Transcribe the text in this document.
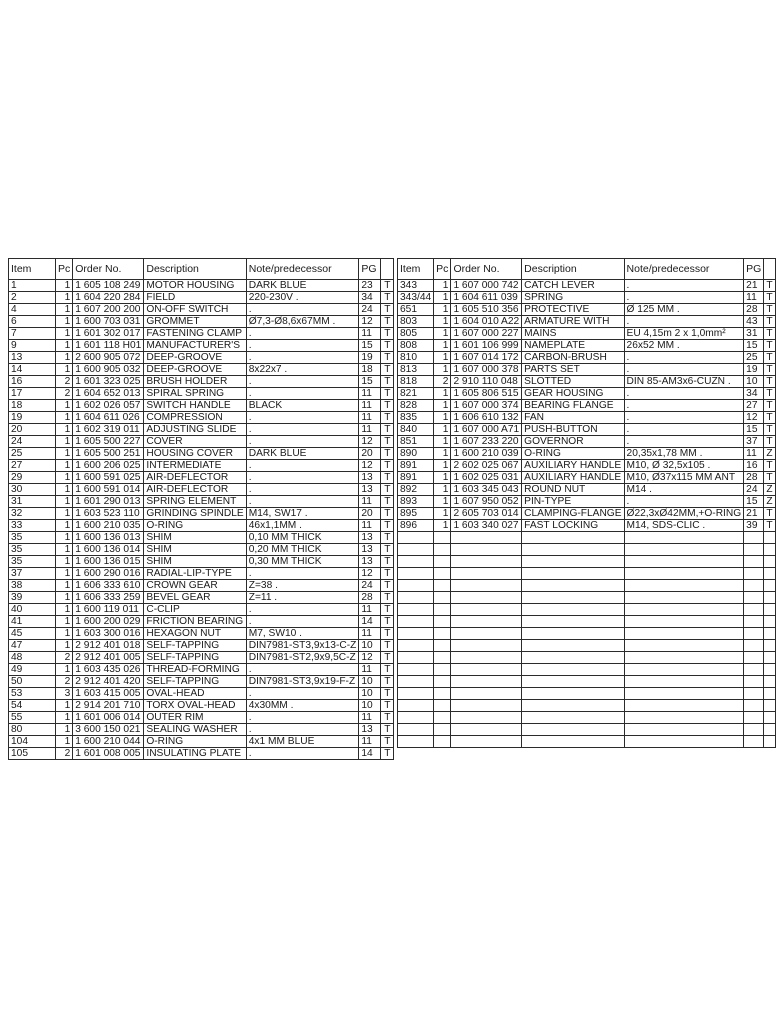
Item	Pc	Order No.	Description	Note/predecessor	PG	
1	1	1 605 108 249	MOTOR HOUSING	DARK BLUE	23	T
2	1	1 604 220 284	FIELD	220-230V .	34	T
4	1	1 607 200 200	ON-OFF SWITCH	.	24	T
6	1	1 600 703 031	GROMMET	Ø7,3-Ø8,6x67MM .	12	T
7	1	1 601 302 017	FASTENING CLAMP	.	11	T
9	1	1 601 118 H01	MANUFACTURER'S	.	15	T
13	1	2 600 905 072	DEEP-GROOVE	.	19	T
14	1	1 600 905 032	DEEP-GROOVE	8x22x7 .	18	T
16	2	1 601 323 025	BRUSH HOLDER	.	15	T
17	2	1 604 652 013	SPIRAL SPRING	.	11	T
18	1	1 602 026 057	SWITCH HANDLE	BLACK	11	T
19	1	1 604 611 026	COMPRESSION	.	11	T
20	1	1 602 319 011	ADJUSTING SLIDE	.	11	T
24	1	1 605 500 227	COVER	.	12	T
25	1	1 605 500 251	HOUSING COVER	DARK BLUE	20	T
27	1	1 600 206 025	INTERMEDIATE	.	12	T
29	1	1 600 591 025	AIR-DEFLECTOR	.	13	T
30	1	1 600 591 014	AIR-DEFLECTOR	.	13	T
31	1	1 601 290 013	SPRING ELEMENT	.	11	T
32	1	1 603 523 110	GRINDING SPINDLE	M14, SW17 .	20	T
33	1	1 600 210 035	O-RING	46x1,1MM .	11	T
35	1	1 600 136 013	SHIM	0,10 MM THICK	13	T
35	1	1 600 136 014	SHIM	0,20 MM THICK	13	T
35	1	1 600 136 015	SHIM	0,30 MM THICK	13	T
37	1	1 600 290 016	RADIAL-LIP-TYPE	.	12	T
38	1	1 606 333 610	CROWN GEAR	Z=38 .	24	T
39	1	1 606 333 259	BEVEL GEAR	Z=11 .	28	T
40	1	1 600 119 011	C-CLIP	.	11	T
41	1	1 600 200 029	FRICTION BEARING	.	14	T
45	1	1 603 300 016	HEXAGON NUT	M7, SW10 .	11	T
47	1	2 912 401 018	SELF-TAPPING	DIN7981-ST3,9x13-C-Z	10	T
48	2	2 912 401 005	SELF-TAPPING	DIN7981-ST2,9x9,5C-Z	12	T
49	1	1 603 435 026	THREAD-FORMING	.	11	T
50	2	2 912 401 420	SELF-TAPPING	DIN7981-ST3,9x19-F-Z	10	T
53	3	1 603 415 005	OVAL-HEAD	.	10	T
54	1	2 914 201 710	TORX OVAL-HEAD	4x30MM .	10	T
55	1	1 601 006 014	OUTER RIM	.	11	T
80	1	3 600 150 021	SEALING WASHER	.	13	T
104	1	1 600 210 044	O-RING	4x1 MM BLUE	11	T
105	2	1 601 008 005	INSULATING PLATE	.	14	T
Item	Pc	Order No.	Description	Note/predecessor	PG	
343	1	1 607 000 742	CATCH LEVER	.	21	T
343/44	1	1 604 611 039	SPRING	.	11	T
651	1	1 605 510 356	PROTECTIVE	Ø 125 MM .	28	T
803	1	1 604 010 A22	ARMATURE WITH	.	43	T
805	1	1 607 000 227	MAINS	EU 4,15m 2 x 1,0mm²	31	T
808	1	1 601 106 999	NAMEPLATE	26x52 MM .	15	T
810	1	1 607 014 172	CARBON-BRUSH	.	25	T
813	1	1 607 000 378	PARTS SET	.	19	T
818	2	2 910 110 048	SLOTTED	DIN 85-AM3x6-CUZN .	10	T
821	1	1 605 806 515	GEAR HOUSING	.	34	T
828	1	1 607 000 374	BEARING FLANGE	.	27	T
835	1	1 606 610 132	FAN	.	12	T
840	1	1 607 000 A71	PUSH-BUTTON	.	15	T
851	1	1 607 233 220	GOVERNOR	.	37	T
890	1	1 600 210 039	O-RING	20,35x1,78 MM .	11	Z
891	1	2 602 025 067	AUXILIARY HANDLE	M10, Ø 32,5x105 .	16	T
891	1	1 602 025 031	AUXILIARY HANDLE	M10, Ø37x115 MM ANT	28	T
892	1	1 603 345 043	ROUND NUT	M14 .	24	Z
893	1	1 607 950 052	PIN-TYPE	.	15	Z
895	1	2 605 703 014	CLAMPING-FLANGE	Ø22,3xØ42MM,+O-RING	21	T
896	1	1 603 340 027	FAST LOCKING	M14, SDS-CLIC .	39	T
